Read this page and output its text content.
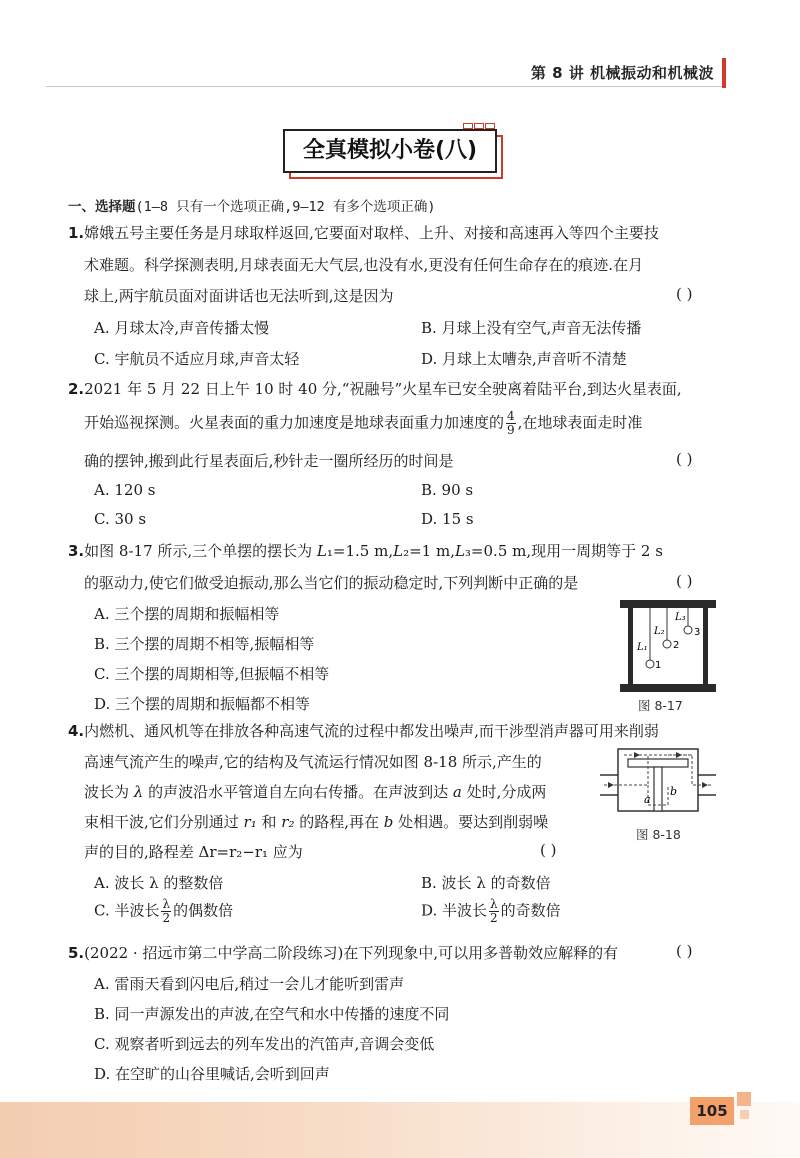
第 8 讲 机械振动和机械波
全真模拟小卷(八)
一、选择题(1—8 只有一个选项正确,9—12 有多个选项正确)
1.嫦娥五号主要任务是月球取样返回,它要面对取样、上升、对接和高速再入等四个主要技
术难题。科学探测表明,月球表面无大气层,也没有水,更没有任何生命存在的痕迹.在月
球上,两宇航员面对面讲话也无法听到,这是因为	( )
A. 月球太冷,声音传播太慢	B. 月球上没有空气,声音无法传播
C. 宇航员不适应月球,声音太轻	D. 月球上太嘈杂,声音听不清楚
2.2021 年 5 月 22 日上午 10 时 40 分,“祝融号”火星车已安全驶离着陆平台,到达火星表面,
开始巡视探测。火星表面的重力加速度是地球表面重力加速度的 $\frac{4}{9}$ ,在地球表面走时准
确的摆钟,搬到此行星表面后,秒针走一圈所经历的时间是	( )
A. 120 s	B. 90 s
C. 30 s	D. 15 s
3.如图 8-17 所示,三个单摆的摆长为 L₁=1.5 m,L₂=1 m,L₃=0.5 m,现用一周期等于 2 s
的驱动力,使它们做受迫振动,那么当它们的振动稳定时,下列判断中正确的是	( )
A. 三个摆的周期和振幅相等
B. 三个摆的周期不相等,振幅相等
C. 三个摆的周期相等,但振幅不相等
D. 三个摆的周期和振幅都不相等
L₁
L₂
L₃
1
2
3
图 8-17
4.内燃机、通风机等在排放各种高速气流的过程中都发出噪声,而干涉型消声器可用来削弱
高速气流产生的噪声,它的结构及气流运行情况如图 8-18 所示,产生的
波长为 λ 的声波沿水平管道自左向右传播。在声波到达 a 处时,分成两
束相干波,它们分别通过 r₁ 和 r₂ 的路程,再在 b 处相遇。要达到削弱噪
声的目的,路程差 Δr=r₂−r₁ 应为	( )
A. 波长 λ 的整数倍	B. 波长 λ 的奇数倍
C. 半波长 $\frac{\lambda}{2}$ 的偶数倍	D. 半波长 $\frac{\lambda}{2}$ 的奇数倍
a
b
图 8-18
5.(2022 · 招远市第二中学高二阶段练习)在下列现象中,可以用多普勒效应解释的有	( )
A. 雷雨天看到闪电后,稍过一会儿才能听到雷声
B. 同一声源发出的声波,在空气和水中传播的速度不同
C. 观察者听到远去的列车发出的汽笛声,音调会变低
D. 在空旷的山谷里喊话,会听到回声
105
